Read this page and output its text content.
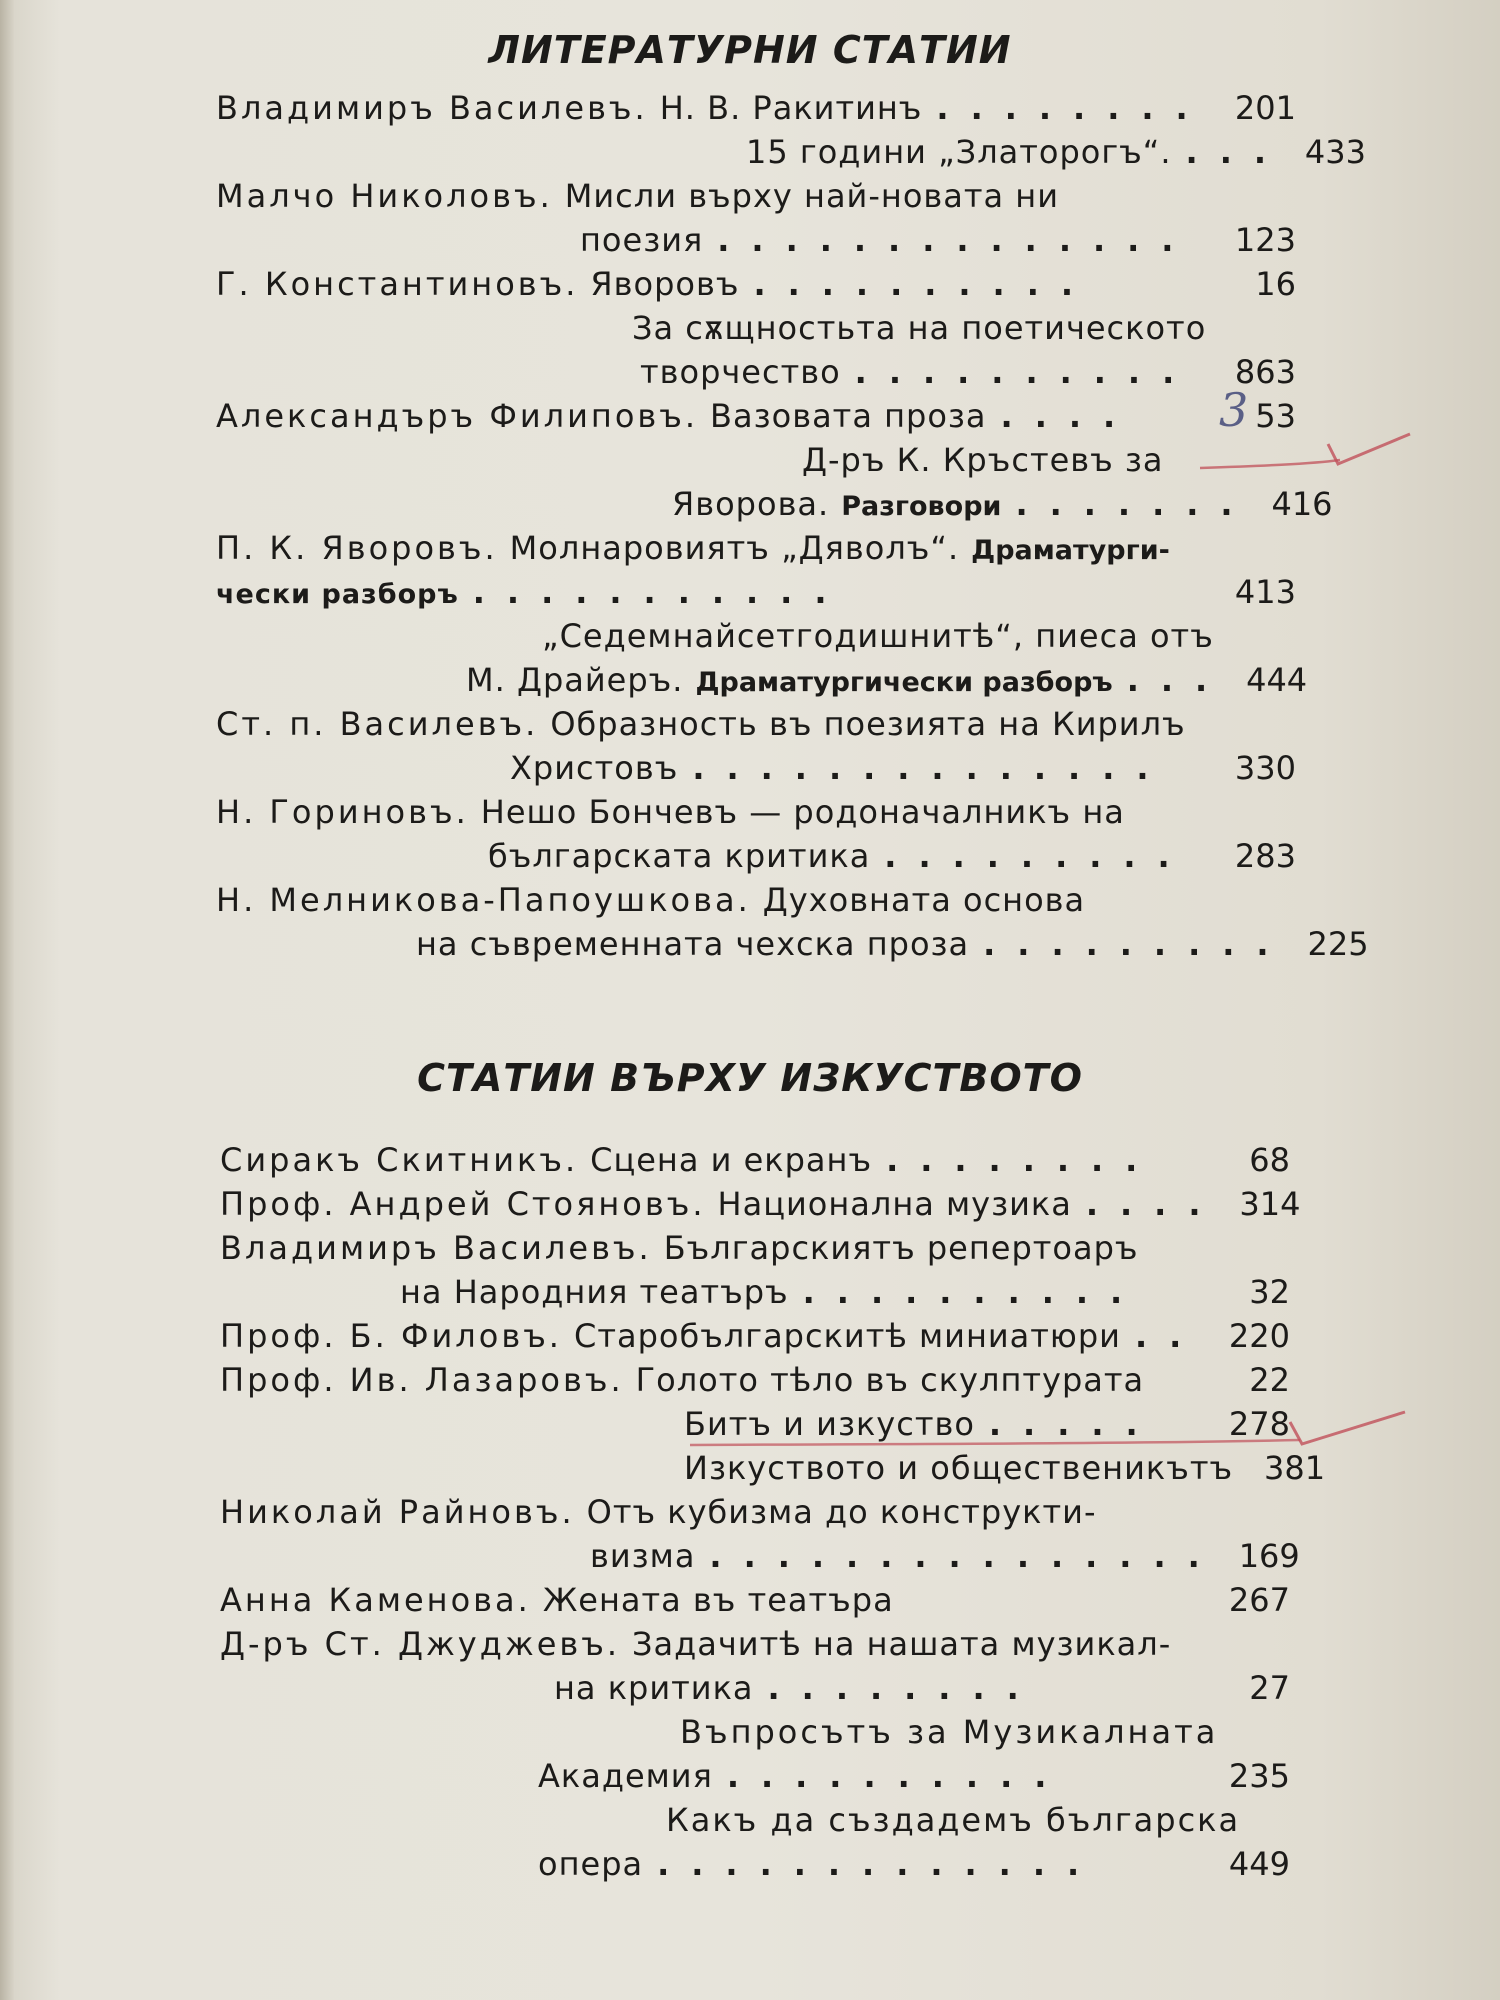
ЛИТЕРАТУРНИ СТАТИИ
Владимиръ Василевъ. Н. В. Ракитинъ ........ 201
15 години „Златорогъ“. ... 433
Малчо Николовъ. Мисли върху най-новата ни
поезия ..............	123
Г. Константиновъ. Яворовъ ..........	16
За сѫщностьта на поетическото
творчество ..........	863
Александъръ Филиповъ. Вазовата проза ....	53
Д-ръ К. Кръстевъ за
Яворова. Разговори ....... 416
П. К. Яворовъ. Молнаровиятъ „Дяволъ“. Драматурги-
чески разборъ ...........	413
„Седемнайсетгодишнитѣ“, пиеса отъ
М. Драйеръ. Драматургически разборъ ... 444
Ст. п. Василевъ. Образность въ поезията на Кирилъ
Христовъ ..............	330
Н. Гориновъ. Нешо Бончевъ — родоначалникъ на
българската критика .........	283
Н. Мелникова-Папоушкова. Духовната основа
на съвременната чехска проза ......... 225
СТАТИИ ВЪРХУ ИЗКУСТВОТО
Сиракъ Скитникъ. Сцена и екранъ ........	68
Проф. Андрей Стояновъ. Национална музика .... 314
Владимиръ Василевъ. Българскиятъ репертоаръ
на Народния театъръ ..........	32
Проф. Б. Филовъ. Старобългарскитѣ миниатюри .. 220
Проф. Ив. Лазаровъ. Голото тѣло въ скулптурата	22
Битъ и изкуство .....	278
Изкуството и общественикътъ 381
Николай Райновъ. Отъ кубизма до конструкти-
визма ............... 169
Анна Каменова. Жената въ театъра	267
Д-ръ Ст. Джуджевъ. Задачитѣ на нашата музикал-
на критика ........	27
Въпросътъ за Музикалната
Академия ..........	235
Какъ да създадемъ българска
опера .............	449
3
